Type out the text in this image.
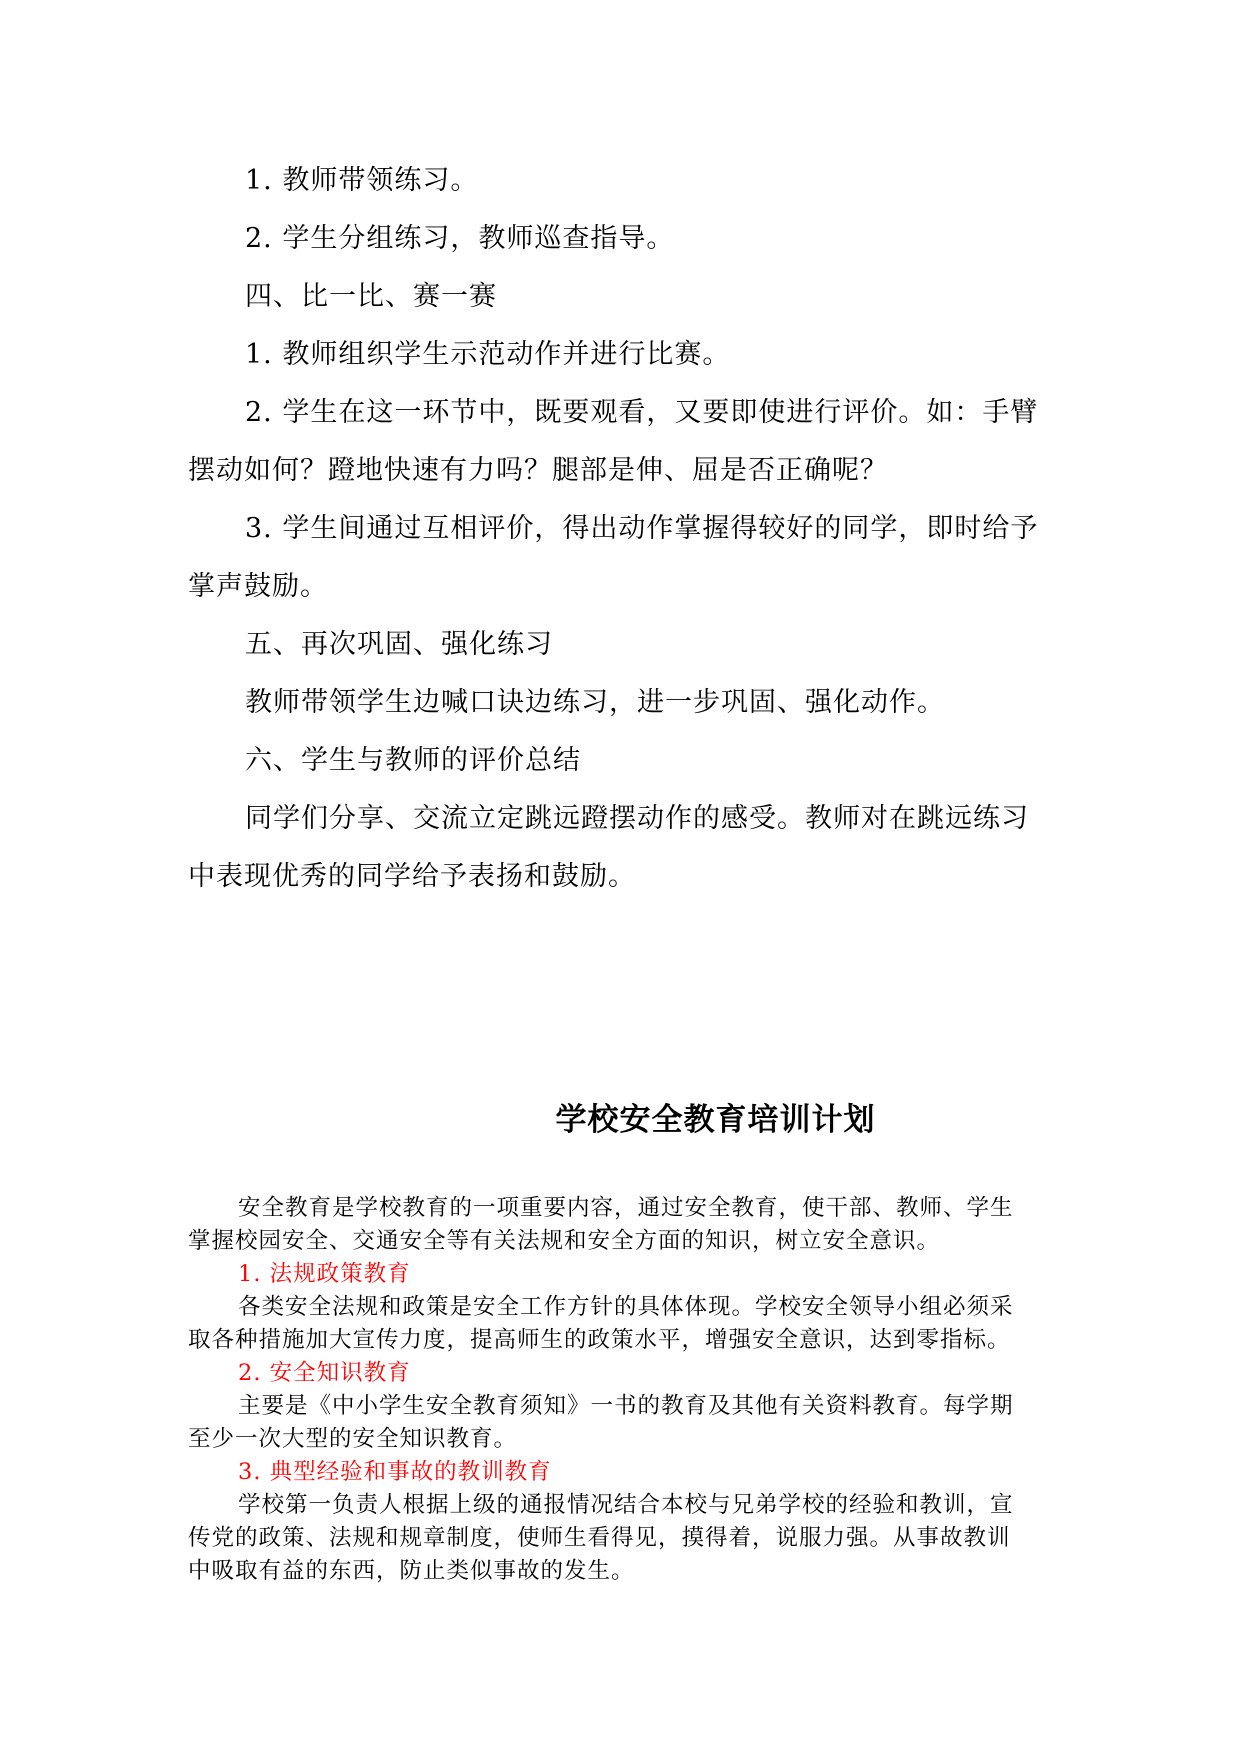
1. 教师带领练习。
2. 学生分组练习，教师巡查指导。
四、比一比、赛一赛
1. 教师组织学生示范动作并进行比赛。
2. 学生在这一环节中，既要观看，又要即使进行评价。如：手臂
摆动如何？蹬地快速有力吗？腿部是伸、屈是否正确呢？
3. 学生间通过互相评价，得出动作掌握得较好的同学，即时给予
掌声鼓励。
五、再次巩固、强化练习
教师带领学生边喊口诀边练习，进一步巩固、强化动作。
六、学生与教师的评价总结
同学们分享、交流立定跳远蹬摆动作的感受。教师对在跳远练习
中表现优秀的同学给予表扬和鼓励。
学校安全教育培训计划
安全教育是学校教育的一项重要内容，通过安全教育，使干部、教师、学生
掌握校园安全、交通安全等有关法规和安全方面的知识，树立安全意识。
1. 法规政策教育
各类安全法规和政策是安全工作方针的具体体现。学校安全领导小组必须采
取各种措施加大宣传力度，提高师生的政策水平，增强安全意识，达到零指标。
2. 安全知识教育
主要是《中小学生安全教育须知》一书的教育及其他有关资料教育。每学期
至少一次大型的安全知识教育。
3. 典型经验和事故的教训教育
学校第一负责人根据上级的通报情况结合本校与兄弟学校的经验和教训，宣
传党的政策、法规和规章制度，使师生看得见，摸得着，说服力强。从事故教训
中吸取有益的东西，防止类似事故的发生。
